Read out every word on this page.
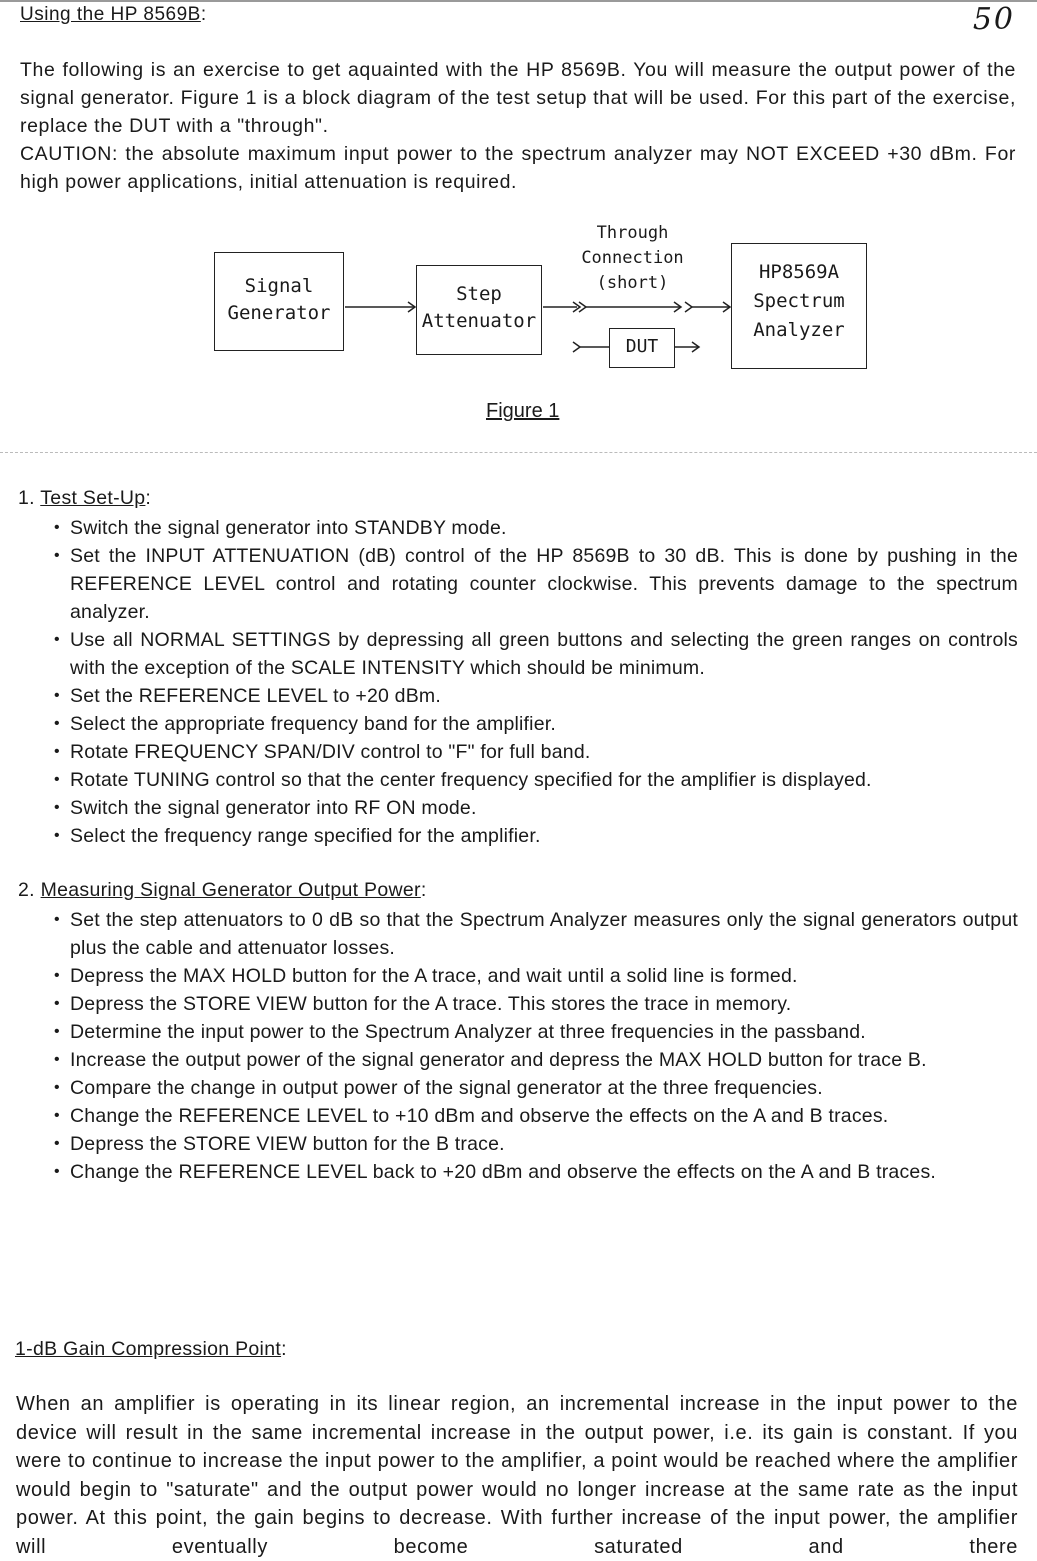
Using the HP 8569B:	50

The following is an exercise to get aquainted with the HP 8569B. You will measure the output power of the signal generator. Figure 1 is a block diagram of the test setup that will be used. For this part of the exercise, replace the DUT with a "through".

CAUTION: the absolute maximum input power to the spectrum analyzer may NOT EXCEED +30 dBm. For high power applications, initial attenuation is required.

Signal
Generator
Step
Attenuator
Through
Connection
(short)
DUT
HP8569A
Spectrum
Analyzer
Figure 1
1. Test Set-Up:
• Switch the signal generator into STANDBY mode.
• Set the INPUT ATTENUATION (dB) control of the HP 8569B to 30 dB. This is done by pushing in the REFERENCE LEVEL control and rotating counter clockwise. This prevents damage to the spectrum analyzer.
• Use all NORMAL SETTINGS by depressing all green buttons and selecting the green ranges on controls with the exception of the SCALE INTENSITY which should be minimum.
• Set the REFERENCE LEVEL to +20 dBm.
• Select the appropriate frequency band for the amplifier.
• Rotate FREQUENCY SPAN/DIV control to "F" for full band.
• Rotate TUNING control so that the center frequency specified for the amplifier is displayed.
• Switch the signal generator into RF ON mode.
• Select the frequency range specified for the amplifier.
2. Measuring Signal Generator Output Power:
• Set the step attenuators to 0 dB so that the Spectrum Analyzer measures only the signal generators output plus the cable and attenuator losses.
• Depress the MAX HOLD button for the A trace, and wait until a solid line is formed.
• Depress the STORE VIEW button for the A trace. This stores the trace in memory.
• Determine the input power to the Spectrum Analyzer at three frequencies in the passband.
• Increase the output power of the signal generator and depress the MAX HOLD button for trace B.
• Compare the change in output power of the signal generator at the three frequencies.
• Change the REFERENCE LEVEL to +10 dBm and observe the effects on the A and B traces.
• Depress the STORE VIEW button for the B trace.
• Change the REFERENCE LEVEL back to +20 dBm and observe the effects on the A and B traces.
1-dB Gain Compression Point:
When an amplifier is operating in its linear region, an incremental increase in the input power to the device will result in the same incremental increase in the output power, i.e. its gain is constant. If you were to continue to increase the input power to the amplifier, a point would be reached where the amplifier would begin to "saturate" and the output power would no longer increase at the same rate as the input power. At this point, the gain begins to decrease. With further increase of the input power, the amplifier will eventually become saturated and there
